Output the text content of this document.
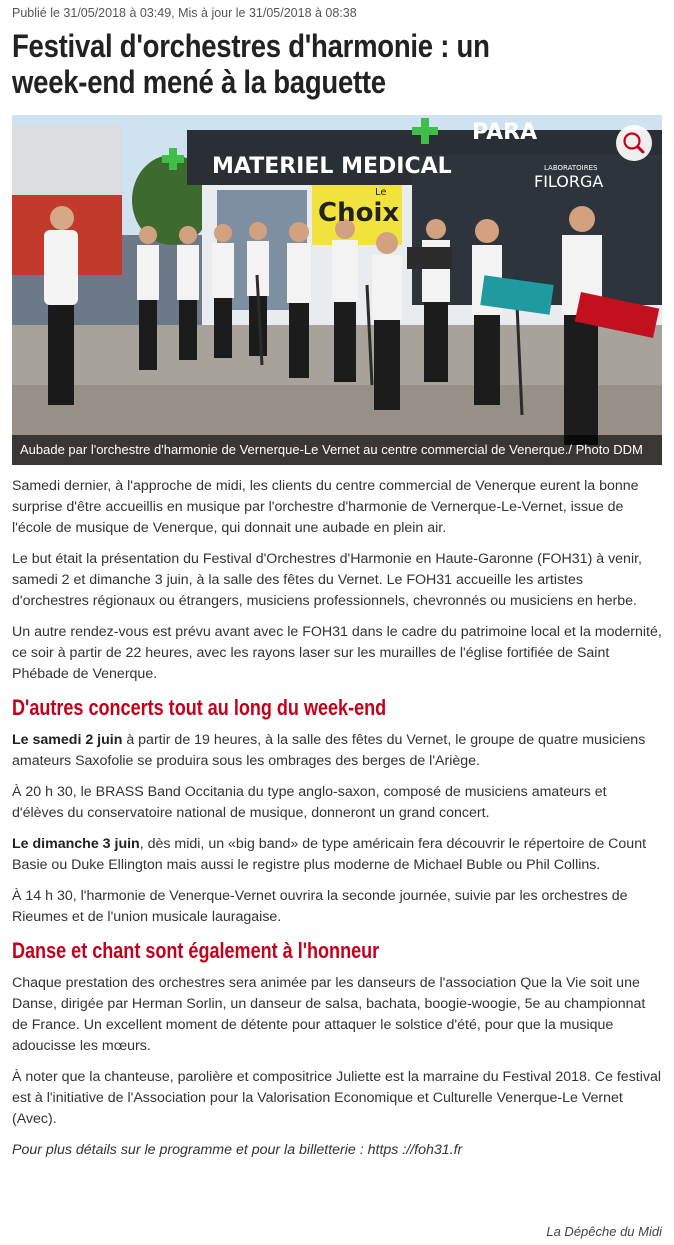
Publié le 31/05/2018 à 03:49, Mis à jour le 31/05/2018 à 08:38
Festival d'orchestres d'harmonie : un week-end mené à la baguette
MATERIEL MEDICAL
PARA
LABORATOIRES
FILORGA
Le
Choix
Aubade par l'orchestre d'harmonie de Vernerque-Le Vernet au centre commercial de Venerque./ Photo DDM

Samedi dernier, à l'approche de midi, les clients du centre commercial de Venerque eurent la bonne surprise d'être accueillis en musique par l'orchestre d'harmonie de Vernerque-Le-Vernet, issue de l'école de musique de Venerque, qui donnait une aubade en plein air.

Le but était la présentation du Festival d'Orchestres d'Harmonie en Haute-Garonne (FOH31) à venir, samedi 2 et dimanche 3 juin, à la salle des fêtes du Vernet. Le FOH31 accueille les artistes d'orchestres régionaux ou étrangers, musiciens professionnels, chevronnés ou musiciens en herbe.

Un autre rendez-vous est prévu avant avec le FOH31 dans le cadre du patrimoine local et la modernité, ce soir à partir de 22 heures, avec les rayons laser sur les murailles de l'église fortifiée de Saint Phébade de Venerque.

D'autres concerts tout au long du week-end

Le samedi 2 juin à partir de 19 heures, à la salle des fêtes du Vernet, le groupe de quatre musiciens amateurs Saxofolie se produira sous les ombrages des berges de l'Ariège.

À 20 h 30, le BRASS Band Occitania du type anglo-saxon, composé de musiciens amateurs et d'élèves du conservatoire national de musique, donneront un grand concert.

Le dimanche 3 juin, dès midi, un «big band» de type américain fera découvrir le répertoire de Count Basie ou Duke Ellington mais aussi le registre plus moderne de Michael Buble ou Phil Collins.

À 14 h 30, l'harmonie de Venerque-Vernet ouvrira la seconde journée, suivie par les orchestres de Rieumes et de l'union musicale lauragaise.

Danse et chant sont également à l'honneur

Chaque prestation des orchestres sera animée par les danseurs de l'association Que la Vie soit une Danse, dirigée par Herman Sorlin, un danseur de salsa, bachata, boogie-woogie, 5e au championnat de France. Un excellent moment de détente pour attaquer le solstice d'été, pour que la musique adoucisse les mœurs.

À noter que la chanteuse, parolière et compositrice Juliette est la marraine du Festival 2018. Ce festival est à l'initiative de l'Association pour la Valorisation Economique et Culturelle Venerque-Le Vernet (Avec).

Pour plus détails sur le programme et pour la billetterie : https ://foh31.fr

La Dépêche du Midi
